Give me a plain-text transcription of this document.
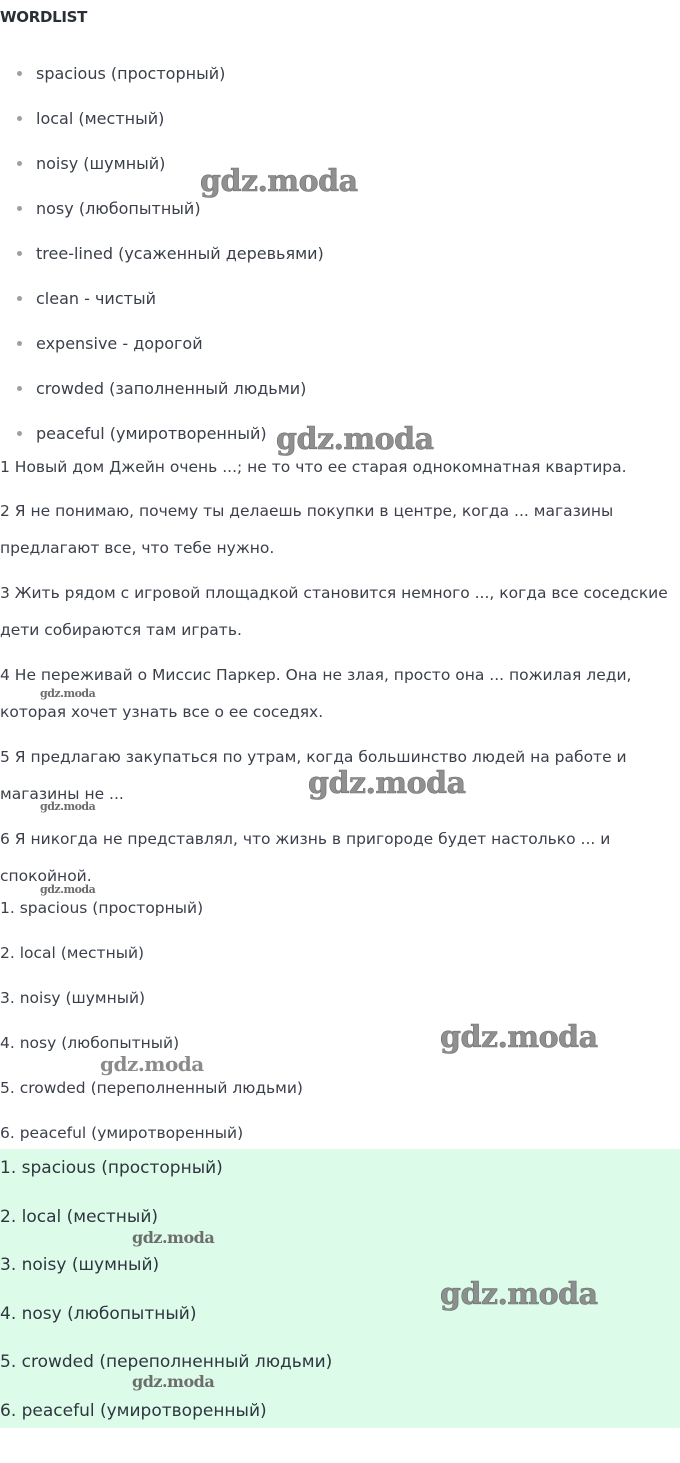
WORDLIST
spacious (просторный)
local (местный)
noisy (шумный)
nosy (любопытный)
tree-lined (усаженный деревьями)
clean - чистый
expensive - дорогой
crowded (заполненный людьми)
peaceful (умиротворенный)
1 Новый дом Джейн очень ...; не то что ее старая однокомнатная квартира.
2 Я не понимаю, почему ты делаешь покупки в центре, когда ... магазины предлагают все, что тебе нужно.
3 Жить рядом с игровой площадкой становится немного ..., когда все соседские дети собираются там играть.
4 Не переживай о Миссис Паркер. Она не злая, просто она ... пожилая леди, которая хочет узнать все о ее соседях.
5 Я предлагаю закупаться по утрам, когда большинство людей на работе и магазины не ...
6 Я никогда не представлял, что жизнь в пригороде будет настолько ... и спокойной.
1. spacious (просторный)
2. local (местный)
3. noisy (шумный)
4. nosy (любопытный)
5. crowded (переполненный людьми)
6. peaceful (умиротворенный)
1. spacious (просторный)
2. local (местный)
3. noisy (шумный)
4. nosy (любопытный)
5. crowded (переполненный людьми)
6. peaceful (умиротворенный)
gdz.moda
gdz.moda
gdz.moda
gdz.moda
gdz.moda
gdz.moda
gdz.moda
gdz.moda
gdz.moda
gdz.moda
gdz.moda
